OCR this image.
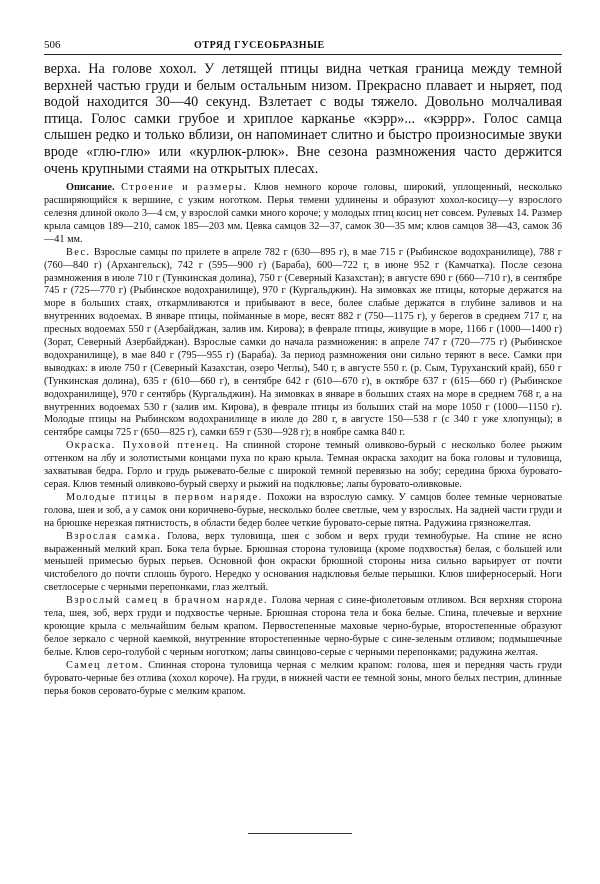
506	ОТРЯД ГУСЕОБРАЗНЫЕ

верха. На голове хохол. У летящей птицы видна четкая граница между темной верхней частью груди и белым остальным низом. Прекрасно плавает и ныряет, под водой находится 30—40 секунд. Взлетает с воды тяжело. Довольно молчаливая птица. Голос самки грубое и хриплое карканье «кэрр»... «кэррр». Голос самца слышен редко и только вблизи, он напоминает слитно и быстро произносимые звуки вроде «глю-глю» или «курлюк-рлюк». Вне сезона размножения часто держится очень крупными стаями на открытых плесах.

Описание. Строение и размеры. Клюв немного короче головы, широкий, уплощенный, несколько расширяющийся к вершине, с узким ноготком. Перья темени удлинены и образуют хохол-косицу—у взрослого селезня длиной около 3—4 см, у взрослой самки много короче; у молодых птиц косиц нет совсем. Рулевых 14. Размер крыла самцов 189—210, самок 185—203 мм. Цевка самцов 32—37, самок 30—35 мм; клюв самцов 38—43, самок 36—41 мм.

Вес. Взрослые самцы по прилете в апреле 782 г (630—895 г), в мае 715 г (Рыбинское водохранилище), 788 г (760—840 г) (Архангельск), 742 г (595—900 г) (Бараба), 600—722 г, в июне 952 г (Камчатка). После сезона размножения в июле 710 г (Тункинская долина), 750 г (Северный Казахстан); в августе 690 г (660—710 г), в сентябре 745 г (725—770 г) (Рыбинское водохранилище), 970 г (Кургальджин). На зимовках же птицы, которые держатся на море в больших стаях, откармливаются и прибывают в весе, более слабые держатся в глубине заливов и на внутренних водоемах. В январе птицы, пойманные в море, весят 882 г (750—1175 г), у берегов в среднем 717 г, на пресных водоемах 550 г (Азербайджан, залив им. Кирова); в феврале птицы, живущие в море, 1166 г (1000—1400 г) (Зорат, Северный Азербайджан). Взрослые самки до начала размножения: в апреле 747 г (720—775 г) (Рыбинское водохранилище), в мае 840 г (795—955 г) (Бараба). За период размножения они сильно теряют в весе. Самки при выводках: в июле 750 г (Северный Казахстан, озеро Чеглы), 540 г, в августе 550 г. (р. Сым, Туруханский край), 650 г (Тункинская долина), 635 г (610—660 г), в сентябре 642 г (610—670 г), в октябре 637 г (615—660 г) (Рыбинское водохранилище), 970 г сентябрь (Кургальджин). На зимовках в январе в больших стаях на море в среднем 768 г, а на внутренних водоемах 530 г (залив им. Кирова), в феврале птицы из больших стай на море 1050 г (1000—1150 г). Молодые птицы на Рыбинском водохранилище в июле до 280 г, в августе 150—538 г (с 340 г уже хлопунцы); в сентябре самцы 725 г (650—825 г), самки 659 г (530—928 г); в ноябре самка 840 г.

Окраска. Пуховой птенец. На спинной стороне темный оливково-бурый с несколько более рыжим оттенком на лбу и золотистыми концами пуха по краю крыла. Темная окраска заходит на бока головы и туловища, захватывая бедра. Горло и грудь рыжевато-белые с широкой темной перевязью на зобу; середина брюха буровато-серая. Клюв темный оливково-бурый сверху и рыжий на подклювье; лапы буровато-оливковые.

Молодые птицы в первом наряде. Похожи на взрослую самку. У самцов более темные черноватые голова, шея и зоб, а у самок они коричнево-бурые, несколько более светлые, чем у взрослых. На задней части груди и на брюшке нерезкая пятнистость, в области бедер более четкие буровато-серые пятна. Радужина грязножелтая.

Взрослая самка. Голова, верх туловища, шея с зобом и верх груди темнобурые. На спине не ясно выраженный мелкий крап. Бока тела бурые. Брюшная сторона туловища (кроме подхвостья) белая, с большей или меньшей примесью бурых перьев. Основной фон окраски брюшной стороны низа сильно варьирует от почти чистобелого до почти сплошь бурого. Нередко у основания надклювья белые перышки. Клюв шиферносерый. Ноги светлосерые с черными перепонками, глаз желтый.

Взрослый самец в брачном наряде. Голова черная с сине-фиолетовым отливом. Вся верхняя сторона тела, шея, зоб, верх груди и подхвостье черные. Брюшная сторона тела и бока белые. Спина, плечевые и верхние кроющие крыла с мельчайшим белым крапом. Первостепенные маховые черно-бурые, второстепенные образуют белое зеркало с черной каемкой, внутренние второстепенные черно-бурые с сине-зеленым отливом; подмышечные белые. Клюв серо-голубой с черным ноготком; лапы свинцово-серые с черными перепонками; радужина желтая.

Самец летом. Спинная сторона туловища черная с мелким крапом: голова, шея и передняя часть груди буровато-черные без отлива (хохол короче). На груди, в нижней части ее темной зоны, много белых пестрин, длинные перья боков серовато-бурые с мелким крапом.
